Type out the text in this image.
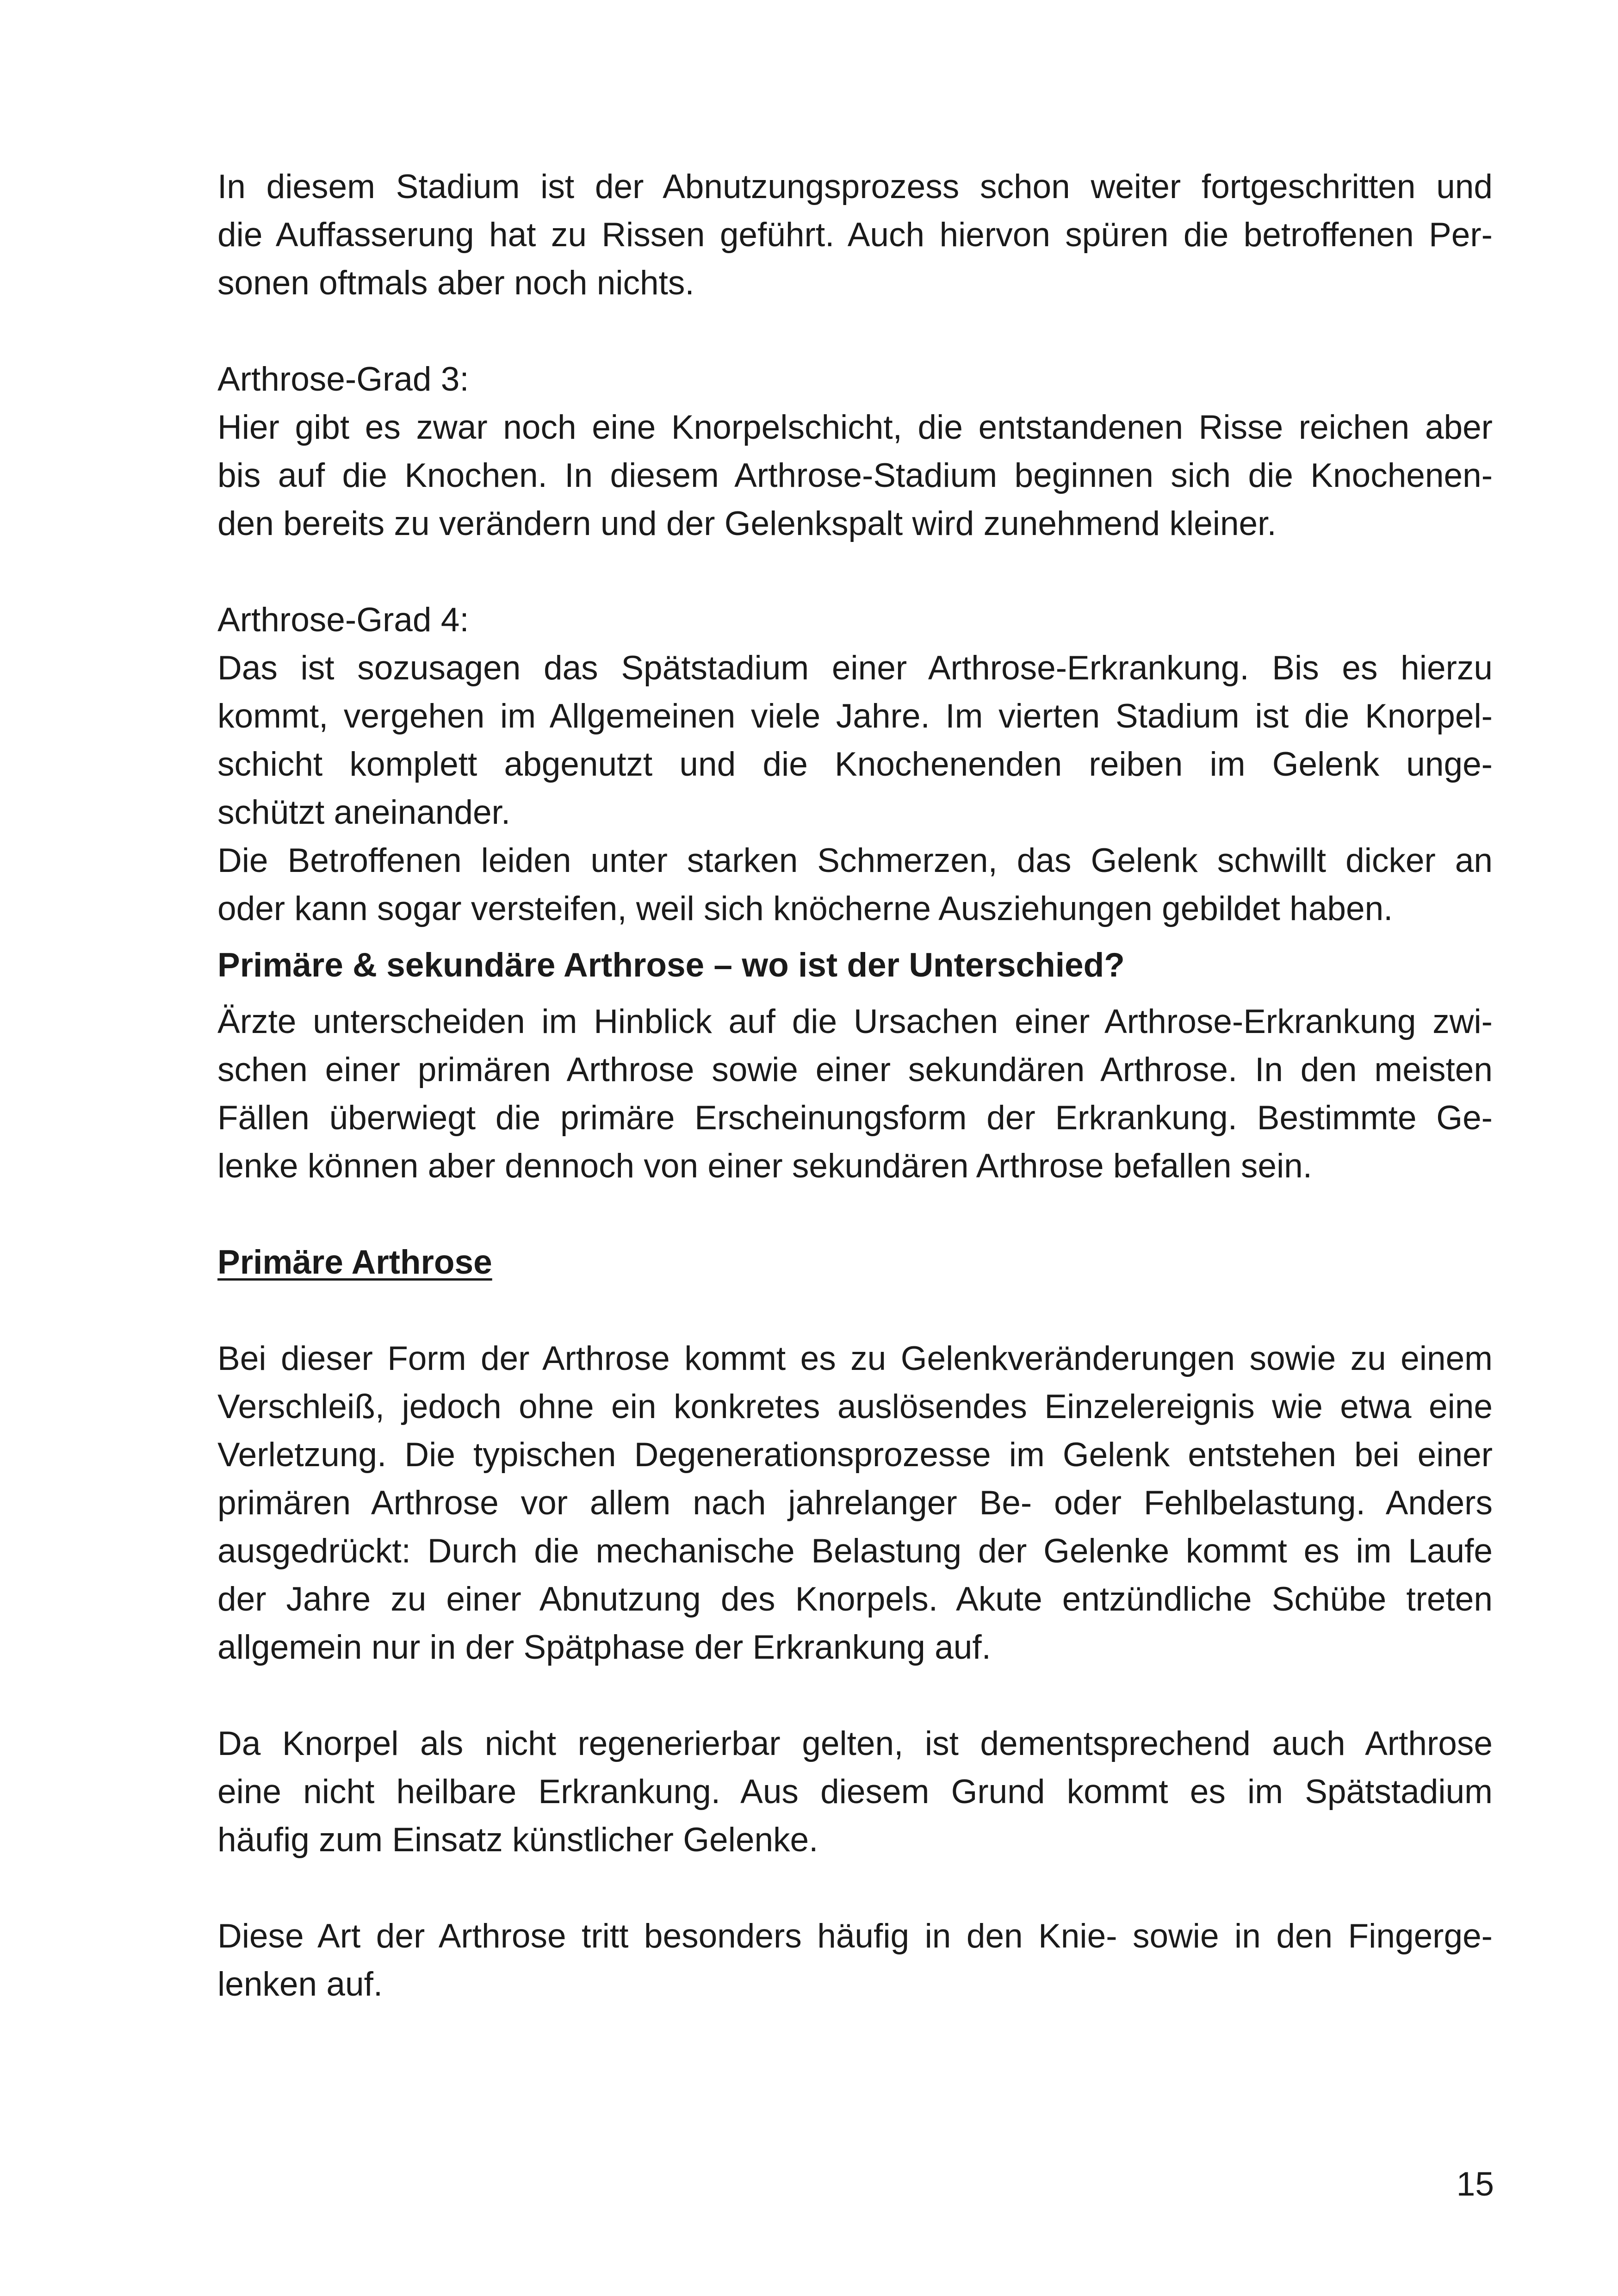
In diesem Stadium ist der Abnutzungsprozess schon weiter fortgeschritten und
die Auffasserung hat zu Rissen geführt. Auch hiervon spüren die betroffenen Per-
sonen oftmals aber noch nichts.
Arthrose-Grad 3:
Hier gibt es zwar noch eine Knorpelschicht, die entstandenen Risse reichen aber
bis auf die Knochen. In diesem Arthrose-Stadium beginnen sich die Knochenen-
den bereits zu verändern und der Gelenkspalt wird zunehmend kleiner.
Arthrose-Grad 4:
Das ist sozusagen das Spätstadium einer Arthrose-Erkrankung. Bis es hierzu
kommt, vergehen im Allgemeinen viele Jahre. Im vierten Stadium ist die Knorpel-
schicht komplett abgenutzt und die Knochenenden reiben im Gelenk unge-
schützt aneinander.
Die Betroffenen leiden unter starken Schmerzen, das Gelenk schwillt dicker an
oder kann sogar versteifen, weil sich knöcherne Ausziehungen gebildet haben.
Primäre & sekundäre Arthrose – wo ist der Unterschied?
Ärzte unterscheiden im Hinblick auf die Ursachen einer Arthrose-Erkrankung zwi-
schen einer primären Arthrose sowie einer sekundären Arthrose. In den meisten
Fällen überwiegt die primäre Erscheinungsform der Erkrankung. Bestimmte Ge-
lenke können aber dennoch von einer sekundären Arthrose befallen sein.
Primäre Arthrose
Bei dieser Form der Arthrose kommt es zu Gelenkveränderungen sowie zu einem
Verschleiß, jedoch ohne ein konkretes auslösendes Einzelereignis wie etwa eine
Verletzung. Die typischen Degenerationsprozesse im Gelenk entstehen bei einer
primären Arthrose vor allem nach jahrelanger Be- oder Fehlbelastung. Anders
ausgedrückt: Durch die mechanische Belastung der Gelenke kommt es im Laufe
der Jahre zu einer Abnutzung des Knorpels. Akute entzündliche Schübe treten
allgemein nur in der Spätphase der Erkrankung auf.
Da Knorpel als nicht regenerierbar gelten, ist dementsprechend auch Arthrose
eine nicht heilbare Erkrankung. Aus diesem Grund kommt es im Spätstadium
häufig zum Einsatz künstlicher Gelenke.
Diese Art der Arthrose tritt besonders häufig in den Knie- sowie in den Fingerge-
lenken auf.
15
